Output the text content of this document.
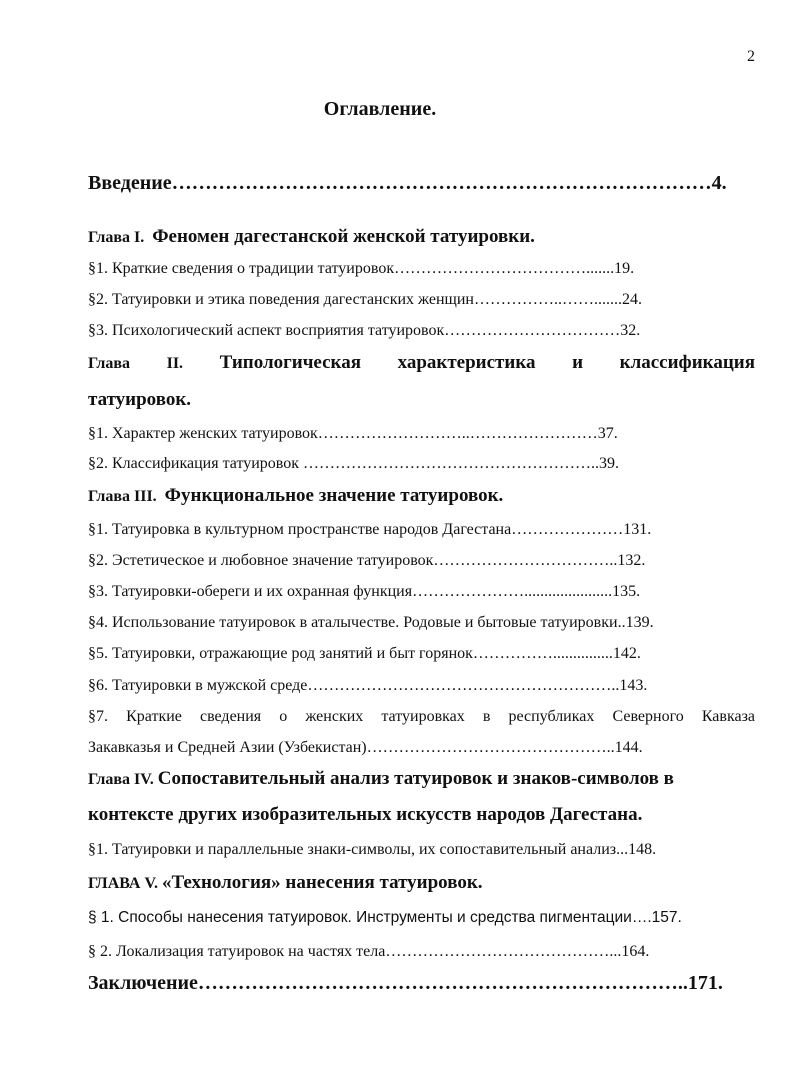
2
Оглавление.
Введение………………………………………………………………………4.
Глава I. Феномен дагестанской женской татуировки.
§1. Краткие сведения о традиции татуировок……………………………….......19.
§2. Татуировки и этика поведения дагестанских женщин……………..…….......24.
§3. Психологический аспект восприятия татуировок……………………………32.
Глава II. Типологическая характеристика и классификация
татуировок.
§1. Характер женских татуировок………………………..……………………37.
§2. Классификация татуировок ………………………………………………..39.
Глава III. Функциональное значение татуировок.
§1. Татуировка в культурном пространстве народов Дагестана…………………131.
§2. Эстетическое и любовное значение татуировок……………………………..132.
§3. Татуировки-обереги и их охранная функция…………………......................135.
§4. Использование татуировок в аталычестве. Родовые и бытовые татуировки..139.
§5. Татуировки, отражающие род занятий и быт горянок……………...............142.
§6. Татуировки в мужской среде…………………………………………………..143.
§7. Краткие сведения о женских татуировках в республиках Северного Кавказа
Закавказья и Средней Азии (Узбекистан)………………………………………..144.
Глава IV. Сопоставительный анализ татуировок и знаков-символов в
контексте других изобразительных искусств народов Дагестана.
§1. Татуировки и параллельные знаки-символы, их сопоставительный анализ...148.
ГЛАВА V. «Технология» нанесения татуировок.
§ 1. Способы нанесения татуировок. Инструменты и средства пигментации….157.
§ 2. Локализация татуировок на частях тела……………………………………...164.
Заключение………………………………………………………………..171.
